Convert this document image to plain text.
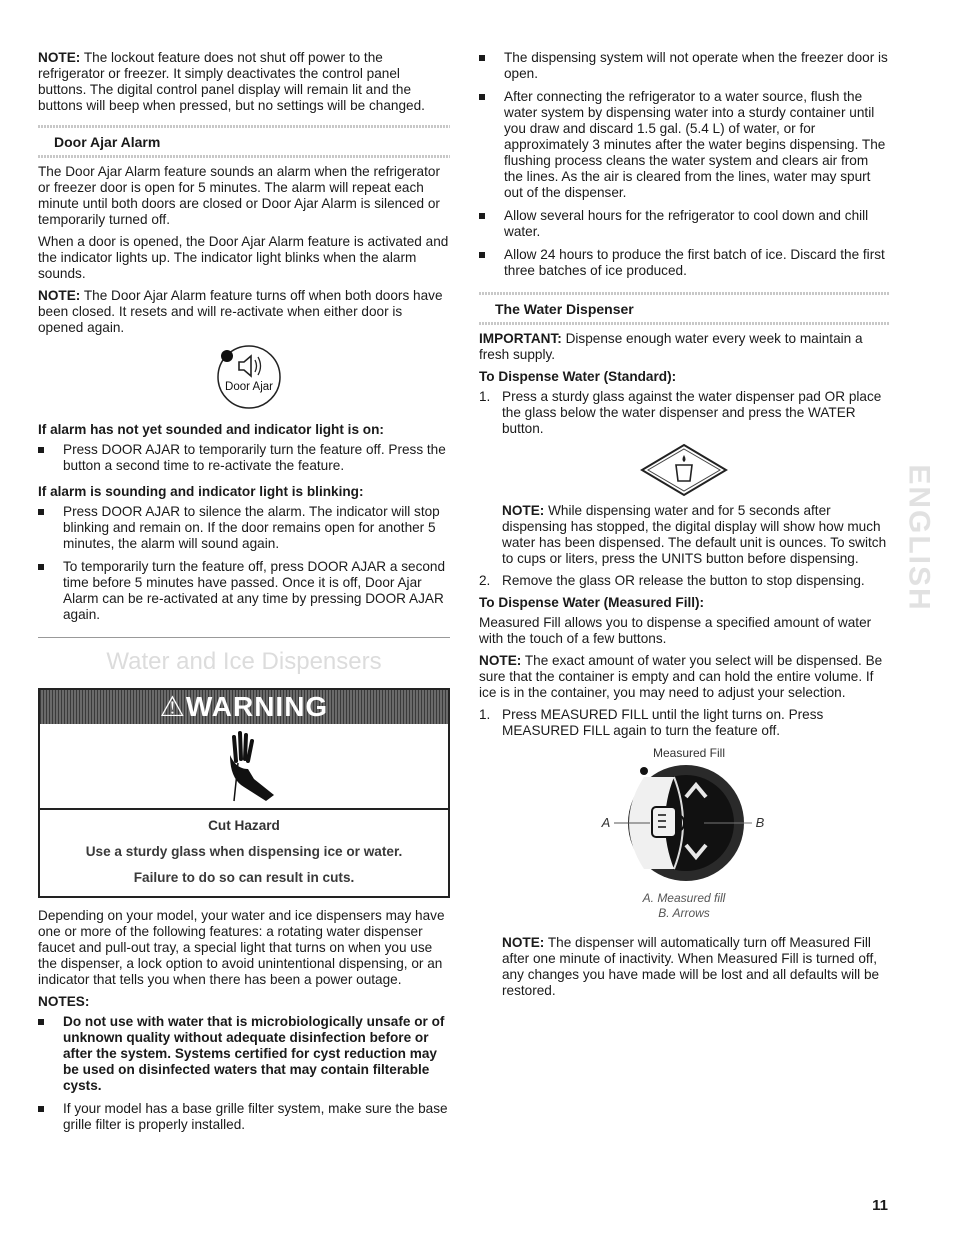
NOTE: The lockout feature does not shut off power to the refrigerator or freezer. It simply deactivates the control panel buttons. The digital control panel display will remain lit and the buttons will beep when pressed, but no settings will be changed.

Door Ajar Alarm

The Door Ajar Alarm feature sounds an alarm when the refrigerator or freezer door is open for 5 minutes. The alarm will repeat each minute until both doors are closed or Door Ajar Alarm is silenced or temporarily turned off.

When a door is opened, the Door Ajar Alarm feature is activated and the indicator lights up. The indicator light blinks when the alarm sounds.

NOTE: The Door Ajar Alarm feature turns off when both doors have been closed. It resets and will re-activate when either door is opened again.

Door Ajar
If alarm has not yet sounded and indicator light is on:
Press DOOR AJAR to temporarily turn the feature off. Press the button a second time to re-activate the feature.
If alarm is sounding and indicator light is blinking:
Press DOOR AJAR to silence the alarm. The indicator will stop blinking and remain on. If the door remains open for another 5 minutes, the alarm will sound again.
To temporarily turn the feature off, press DOOR AJAR a second time before 5 minutes have passed. Once it is off, Door Ajar Alarm can be re-activated at any time by pressing DOOR AJAR again.
Water and Ice Dispensers
⚠ WARNING

Cut Hazard

Use a sturdy glass when dispensing ice or water.

Failure to do so can result in cuts.

Depending on your model, your water and ice dispensers may have one or more of the following features: a rotating water dispenser faucet and pull-out tray, a special light that turns on when you use the dispenser, a lock option to avoid unintentional dispensing, or an indicator that tells you when there has been a power outage.

NOTES:
Do not use with water that is microbiologically unsafe or of unknown quality without adequate disinfection before or after the system. Systems certified for cyst reduction may be used on disinfected waters that may contain filterable cysts.
If your model has a base grille filter system, make sure the base grille filter is properly installed.
The dispensing system will not operate when the freezer door is open.
After connecting the refrigerator to a water source, flush the water system by dispensing water into a sturdy container until you draw and discard 1.5 gal. (5.4 L) of water, or for approximately 3 minutes after the water begins dispensing. The flushing process cleans the water system and clears air from the lines. As the air is cleared from the lines, water may spurt out of the dispenser.
Allow several hours for the refrigerator to cool down and chill water.
Allow 24 hours to produce the first batch of ice. Discard the first three batches of ice produced.
The Water Dispenser

IMPORTANT: Dispense enough water every week to maintain a fresh supply.

To Dispense Water (Standard):
1. Press a sturdy glass against the water dispenser pad OR place the glass below the water dispenser and press the WATER button.

NOTE: While dispensing water and for 5 seconds after dispensing has stopped, the digital display will show how much water has been dispensed. The default unit is ounces. To switch to cups or liters, press the UNITS button before dispensing.

2. Remove the glass OR release the button to stop dispensing.
To Dispense Water (Measured Fill):

Measured Fill allows you to dispense a specified amount of water with the touch of a few buttons.

NOTE: The exact amount of water you select will be dispensed. Be sure that the container is empty and can hold the entire volume. If ice is in the container, you may need to adjust your selection.

1. Press MEASURED FILL until the light turns on. Press MEASURED FILL again to turn the feature off.
Measured Fill
A	B
A. Measured fill
B. Arrows

NOTE: The dispenser will automatically turn off Measured Fill after one minute of inactivity. When Measured Fill is turned off, any changes you have made will be lost and all defaults will be restored.

ENGLISH
11
